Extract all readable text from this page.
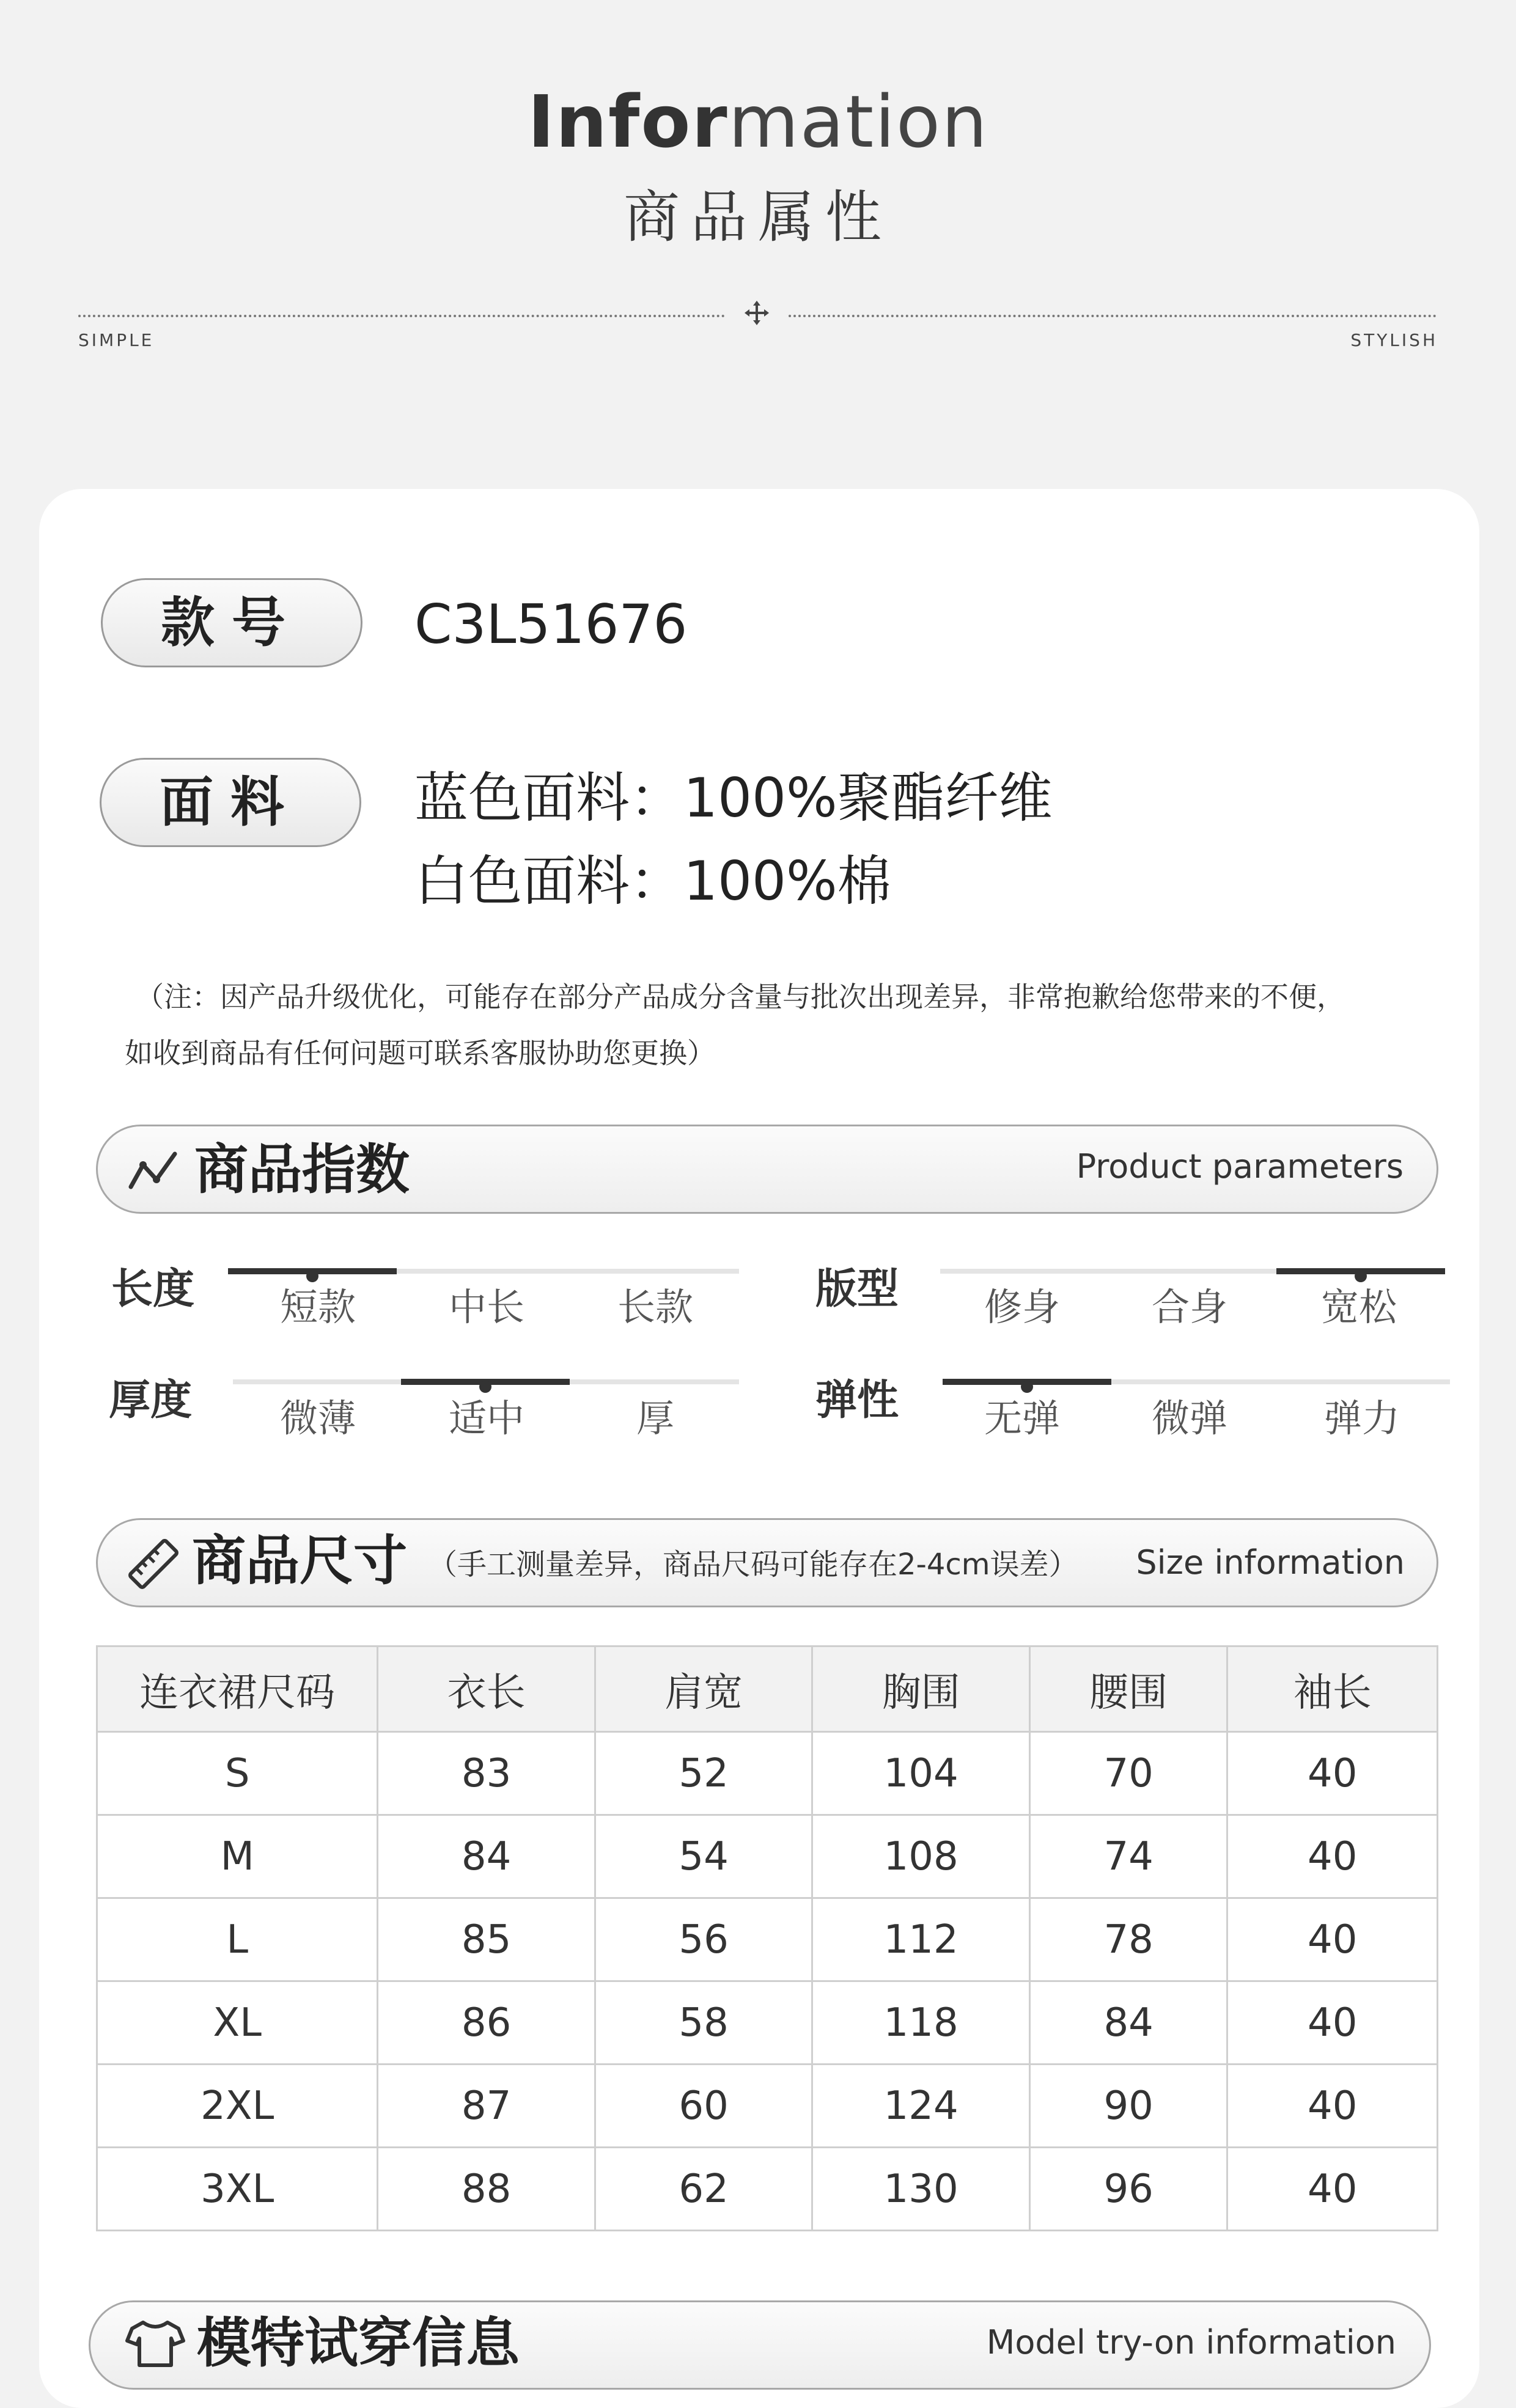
Information
商品属性
SIMPLE	STYLISH
款号	C3L51676
面料	蓝色面料：100%聚酯纤维
白色面料：100%棉
（注：因产品升级优化，可能存在部分产品成分含量与批次出现差异，非常抱歉给您带来的不便，
如收到商品有任何问题可联系客服协助您更换）
商品指数	Product parameters
长度	短款	中长	长款	版型	修身	合身	宽松
厚度	微薄	适中	厚	弹性	无弹	微弹	弹力
商品尺寸 （手工测量差异，商品尺码可能存在2-4cm误差） Size information
连衣裙尺码	衣长	肩宽	胸围	腰围	袖长
S	83	52	104	70	40
M	84	54	108	74	40
L	85	56	112	78	40
XL	86	58	118	84	40
2XL	87	60	124	90	40
3XL	88	62	130	96	40
模特试穿信息	Model try-on information
